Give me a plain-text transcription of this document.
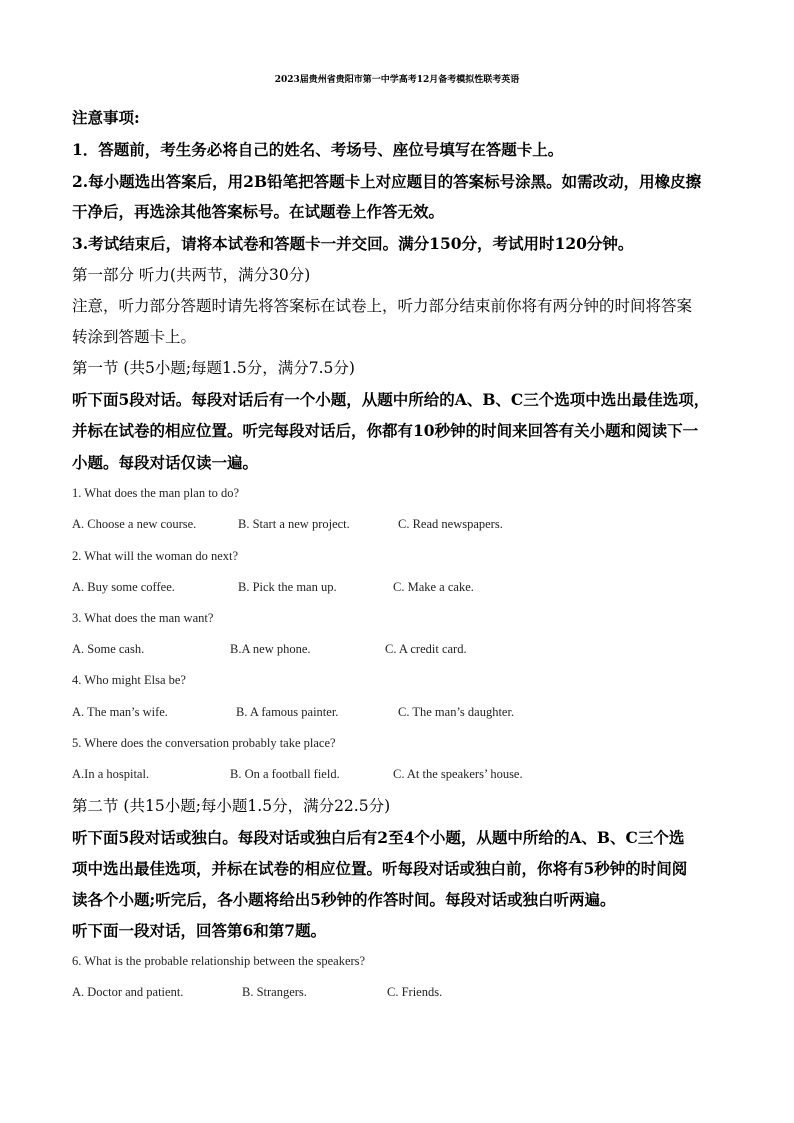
2023届贵州省贵阳市第一中学高考12月备考模拟性联考英语
注意事项:
1．答题前，考生务必将自己的姓名、考场号、座位号填写在答题卡上。
2.每小题选出答案后，用2B铅笔把答题卡上对应题目的答案标号涂黑。如需改动，用橡皮擦
干净后，再选涂其他答案标号。在试题卷上作答无效。
3.考试结束后，请将本试卷和答题卡一并交回。满分150分，考试用时120分钟。
第一部分 听力(共两节，满分30分)
注意，听力部分答题时请先将答案标在试卷上，听力部分结束前你将有两分钟的时间将答案
转涂到答题卡上。
第一节 (共5小题;每题1.5分，满分7.5分)
听下面5段对话。每段对话后有一个小题，从题中所给的A、B、C三个选项中选出最佳选项，
并标在试卷的相应位置。听完每段对话后，你都有10秒钟的时间来回答有关小题和阅读下一
小题。每段对话仅读一遍。
1. What does the man plan to do?
A. Choose a new course.	B. Start a new project.	C. Read newspapers.
2. What will the woman do next?
A. Buy some coffee.	B. Pick the man up.	C. Make a cake.
3. What does the man want?
A. Some cash.	B.A new phone.	C. A credit card.
4. Who might Elsa be?
A. The man’s wife.	B. A famous painter.	C. The man’s daughter.
5. Where does the conversation probably take place?
A.In a hospital.	B. On a football field.	C. At the speakers’ house.
第二节 (共15小题;每小题1.5分，满分22.5分)
听下面5段对话或独白。每段对话或独白后有2至4个小题，从题中所给的A、B、C三个选
项中选出最佳选项，并标在试卷的相应位置。听每段对话或独白前，你将有5秒钟的时间阅
读各个小题;听完后，各小题将给出5秒钟的作答时间。每段对话或独白听两遍。
听下面一段对话，回答第6和第7题。
6. What is the probable relationship between the speakers?
A. Doctor and patient.	B. Strangers.	C. Friends.
